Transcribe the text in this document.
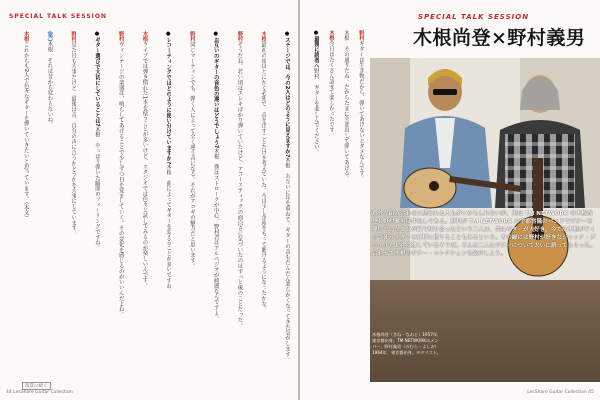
SPECIAL TALK SESSION
●ステージでは、今の2人はどのように見えますか?木根　お互いに年を重ねて、ギターの音もだんだん柔らかくなってきた気がします。
木根最初の頃はとにかく必死で、音を出すことだけを考えていた。今は少し余裕をもって聴けるようになったかな。
野村そうだね。若い頃はエレキばかり弾いていたけど、アコースティックの面白さに気づいたのはずっと後のことだった。
●お互いのギターの音色の違いはどうでしょう?木根　僕はストロークが中心。野村君はアルペジオが綺麗なんですよ。
野村同じマーティンでも、弾く人によって全く違う音になる。それがアコギの魅力だと思います。
●レコーディングではどのように使い分けていますか?木根　曲によってギターを変えることが多いですね。
木根ライブでは弾き慣れた1本を使うことが多いけど、スタジオでは色々と試してみるのが楽しいんです。
野村ヴィンテージの楽器は、鳴らしてあげることで少しずつ目を覚ましていく。その変化を感じるのがいいんだよね。
●ギター選びで大切にしていることは?木根　やっぱり弾いた瞬間のフィーリングですね。
野村見た目も大事だけど、最後は音。自分の声に合うかどうかを大事にしています。
(笑)木根　それは昔から変わらないね。
木根これからも2人で色々なギターを弾いていきたいと思っています。（本文）
次頁に続く
44 LesShare Guitar Collection
野村ギターは生き物だから、弾いてあげないとダメなんです。
木根　その通りだね。だからたまに全部出して弾いてあげる。
木根今日はたくさん話せて楽しかったです。
●最後に読者へ野村　ギターを楽しんでください。
SPECIAL TALK SESSION
木根尚登×野村義男
意外な組み合わせに思われる人も多いかもしれないが、実は TM NETWORK の木根尚登と野村義男は仲良しである。野村が TM NETWORK の宇都宮隆のバンドでギターを弾いていたことが縁で知り合ったという二人は、共にギターが大好き。今では木根がライヴで使うギターを野村に借りることもあるという。その縁には野村が好きなジャック・ダニエルもお礼に渡しているそうだ。そんな二人にギターについて大いに語ってもらった。合わせて木根のギター・コレクションも紹介しよう。
木根尚登（きね・なおと）1957年、東京都出身。TM NETWORKのメンバー。野村義男（のむら・よしお）1964年、東京都出身。ギタリスト。
LesShare Guitar Collection 45
